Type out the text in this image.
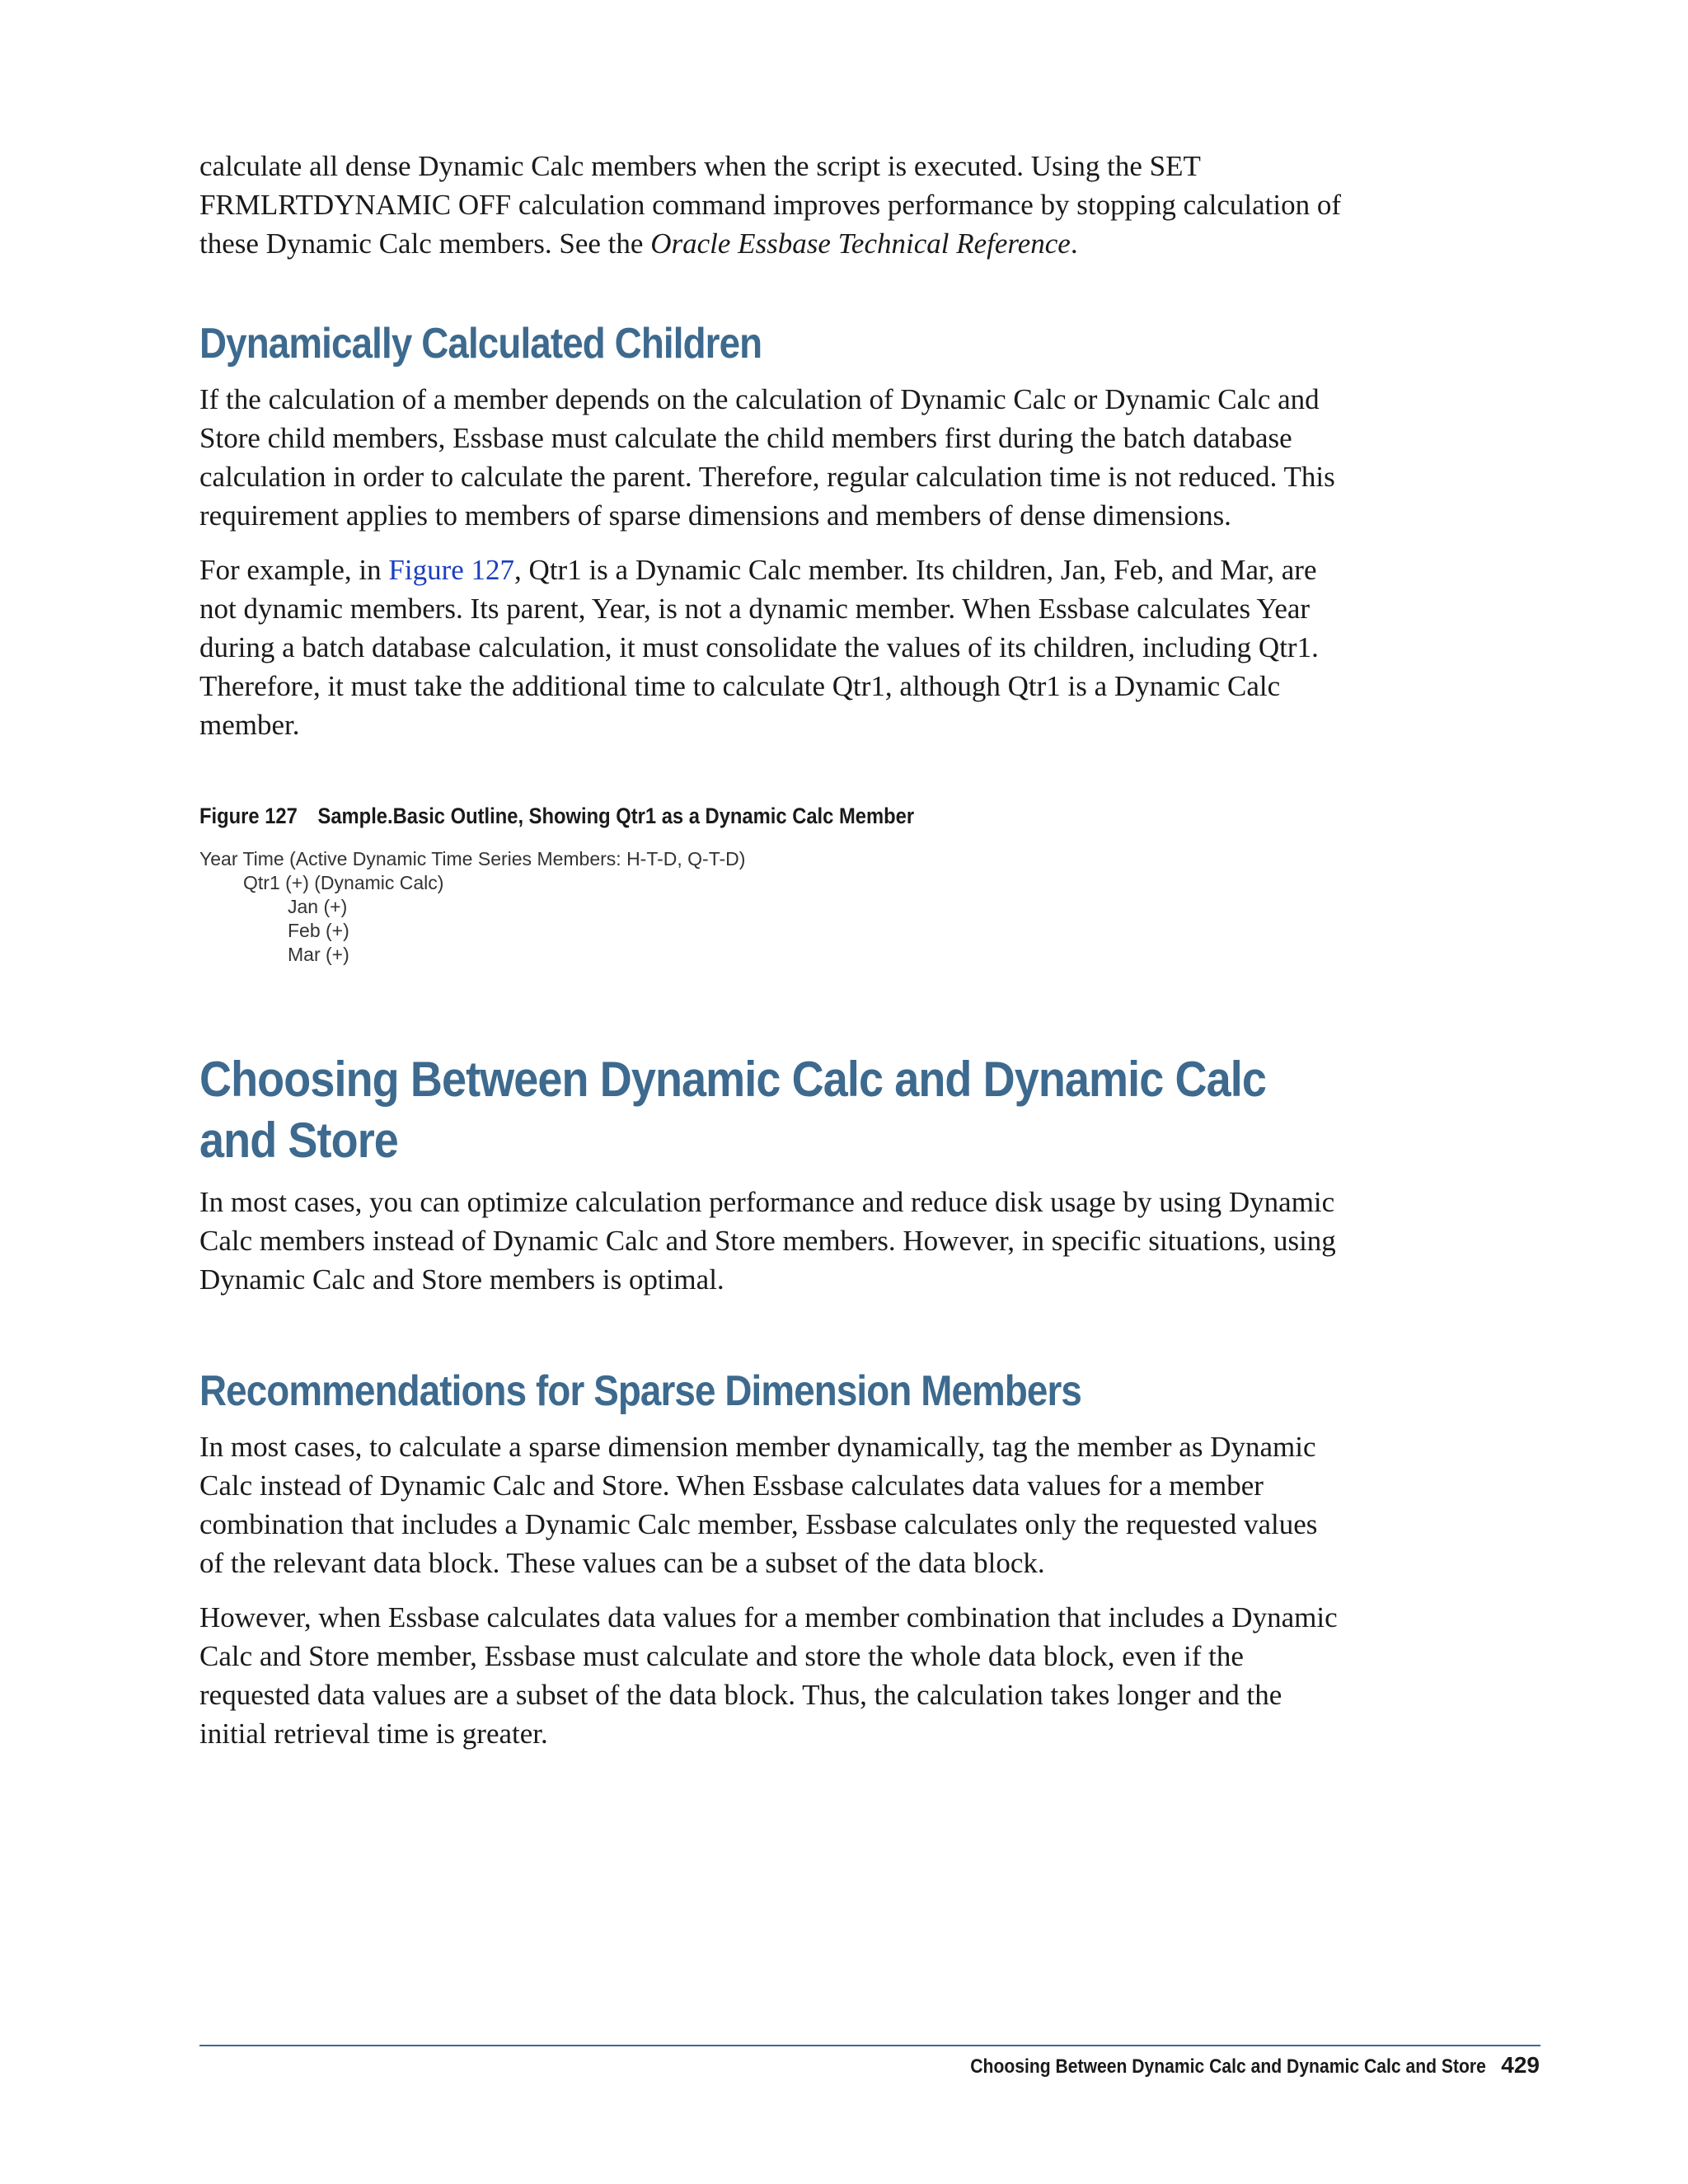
calculate all dense Dynamic Calc members when the script is executed. Using the SET FRMLRTDYNAMIC OFF calculation command improves performance by stopping calculation of these Dynamic Calc members. See the Oracle Essbase Technical Reference.

Dynamically Calculated Children

If the calculation of a member depends on the calculation of Dynamic Calc or Dynamic Calc and Store child members, Essbase must calculate the child members first during the batch database calculation in order to calculate the parent. Therefore, regular calculation time is not reduced. This requirement applies to members of sparse dimensions and members of dense dimensions.

For example, in Figure 127, Qtr1 is a Dynamic Calc member. Its children, Jan, Feb, and Mar, are not dynamic members. Its parent, Year, is not a dynamic member. When Essbase calculates Year during a batch database calculation, it must consolidate the values of its children, including Qtr1. Therefore, it must take the additional time to calculate Qtr1, although Qtr1 is a Dynamic Calc member.

Figure 127 Sample.Basic Outline, Showing Qtr1 as a Dynamic Calc Member
Year Time (Active Dynamic Time Series Members: H-T-D, Q-T-D)
Qtr1 (+) (Dynamic Calc)
Jan (+)
Feb (+)
Mar (+)
Choosing Between Dynamic Calc and Dynamic Calc and Store

In most cases, you can optimize calculation performance and reduce disk usage by using Dynamic Calc members instead of Dynamic Calc and Store members. However, in specific situations, using Dynamic Calc and Store members is optimal.

Recommendations for Sparse Dimension Members

In most cases, to calculate a sparse dimension member dynamically, tag the member as Dynamic Calc instead of Dynamic Calc and Store. When Essbase calculates data values for a member combination that includes a Dynamic Calc member, Essbase calculates only the requested values of the relevant data block. These values can be a subset of the data block.

However, when Essbase calculates data values for a member combination that includes a Dynamic Calc and Store member, Essbase must calculate and store the whole data block, even if the requested data values are a subset of the data block. Thus, the calculation takes longer and the initial retrieval time is greater.

Choosing Between Dynamic Calc and Dynamic Calc and Store 429
